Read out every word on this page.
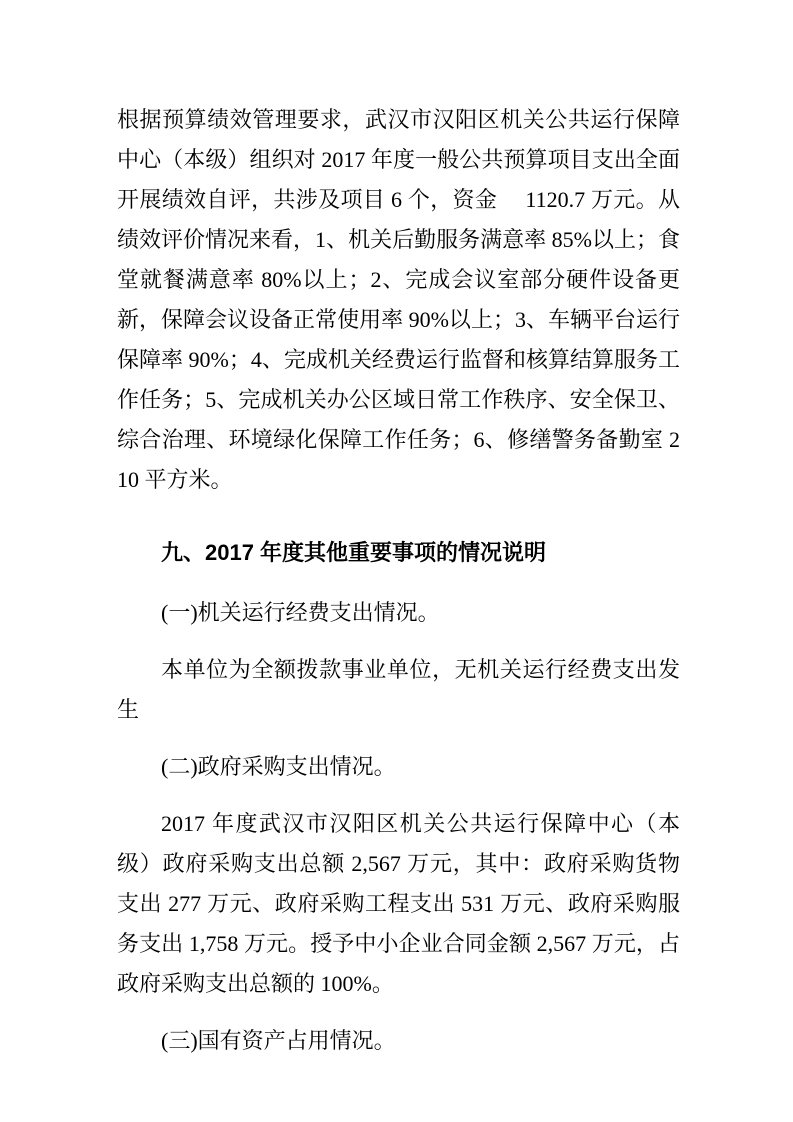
根据预算绩效管理要求，武汉市汉阳区机关公共运行保障中心（本级）组织对 2017 年度一般公共预算项目支出全面开展绩效自评，共涉及项目 6 个，资金　 1120.7 万元。从绩效评价情况来看，1、机关后勤服务满意率 85%以上；食堂就餐满意率 80%以上；2、完成会议室部分硬件设备更新，保障会议设备正常使用率 90%以上；3、车辆平台运行保障率 90%；4、完成机关经费运行监督和核算结算服务工作任务；5、完成机关办公区域日常工作秩序、安全保卫、综合治理、环境绿化保障工作任务；6、修缮警务备勤室 210 平方米。

九、2017 年度其他重要事项的情况说明

(一)机关运行经费支出情况。

本单位为全额拨款事业单位，无机关运行经费支出发生

(二)政府采购支出情况。

2017 年度武汉市汉阳区机关公共运行保障中心（本级）政府采购支出总额 2,567 万元，其中：政府采购货物支出 277 万元、政府采购工程支出 531 万元、政府采购服务支出 1,758 万元。授予中小企业合同金额 2,567 万元，占政府采购支出总额的 100%。

(三)国有资产占用情况。
